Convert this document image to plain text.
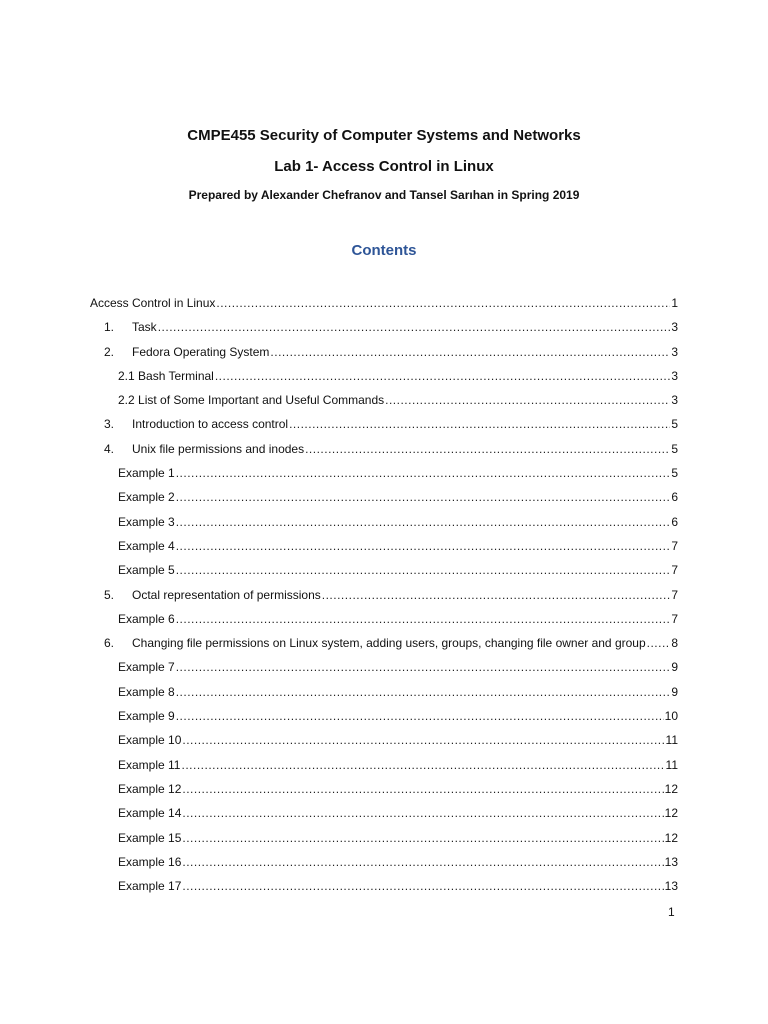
CMPE455 Security of Computer Systems and Networks
Lab 1- Access Control in Linux
Prepared by Alexander Chefranov and Tansel Sarıhan in Spring 2019
Contents
Access Control in Linux .....	1
1.	Task .....	3
2.	Fedora Operating System .....	3
2.1 Bash Terminal .....	3
2.2 List of Some Important and Useful Commands .....	3
3.	Introduction to access control .....	5
4.	Unix file permissions and inodes .....	5
Example 1 .....	5
Example 2 .....	6
Example 3 .....	6
Example 4 .....	7
Example 5 .....	7
5.	Octal representation of permissions .....	7
Example 6 .....	7
6.	Changing file permissions on Linux system, adding users, groups, changing file owner and group ..... 8
Example 7 .....	9
Example 8 .....	9
Example 9 .....	10
Example 10 .....	11
Example 11 .....	11
Example 12 .....	12
Example 14 .....	12
Example 15 .....	12
Example 16 .....	13
Example 17 .....	13
1
